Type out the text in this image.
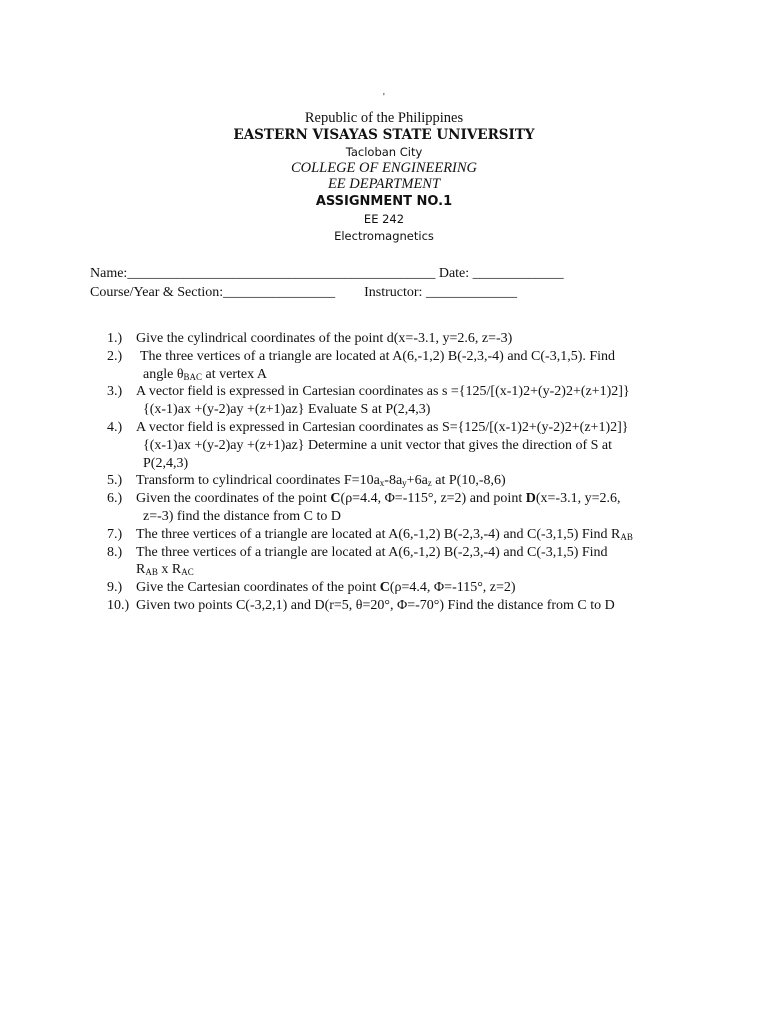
'
Republic of the Philippines
EASTERN VISAYAS STATE UNIVERSITY
Tacloban City
COLLEGE OF ENGINEERING
EE DEPARTMENT
ASSIGNMENT NO.1
EE 242
Electromagnetics
Name:____________________________________________ Date: _____________
Course/Year & Section:________________ Instructor: _____________
1.) Give the cylindrical coordinates of the point d(x=-3.1, y=2.6, z=-3)
2.)	The three vertices of a triangle are located at A(6,-1,2) B(-2,3,-4) and C(-3,1,5). Find
angle $\theta_{BAC}$ at vertex A
3.) A vector field is expressed in Cartesian coordinates as s ={125/[(x-1)2+(y-2)2+(z+1)2]}
{(x-1)ax +(y-2)ay +(z+1)az} Evaluate S at P(2,4,3)
4.) A vector field is expressed in Cartesian coordinates as S={125/[(x-1)2+(y-2)2+(z+1)2]}
{(x-1)ax +(y-2)ay +(z+1)az} Determine a unit vector that gives the direction of S at
P(2,4,3)
5.) Transform to cylindrical coordinates $F=10a_x-8a_y+6a_z$ at P(10,-8,6)
6.) Given the coordinates of the point C(ρ=4.4, Φ=-115°, z=2) and point D(x=-3.1, y=2.6,
z=-3) find the distance from C to D
7.) The three vertices of a triangle are located at A(6,-1,2) B(-2,3,-4) and C(-3,1,5) Find $R_{AB}$
8.) The three vertices of a triangle are located at A(6,-1,2) B(-2,3,-4) and C(-3,1,5) Find
$R_{AB}$ x $R_{AC}$
9.) Give the Cartesian coordinates of the point C(ρ=4.4, Φ=-115°, z=2)
10.) Given two points C(-3,2,1) and D(r=5, θ=20°, Φ=-70°) Find the distance from C to D
